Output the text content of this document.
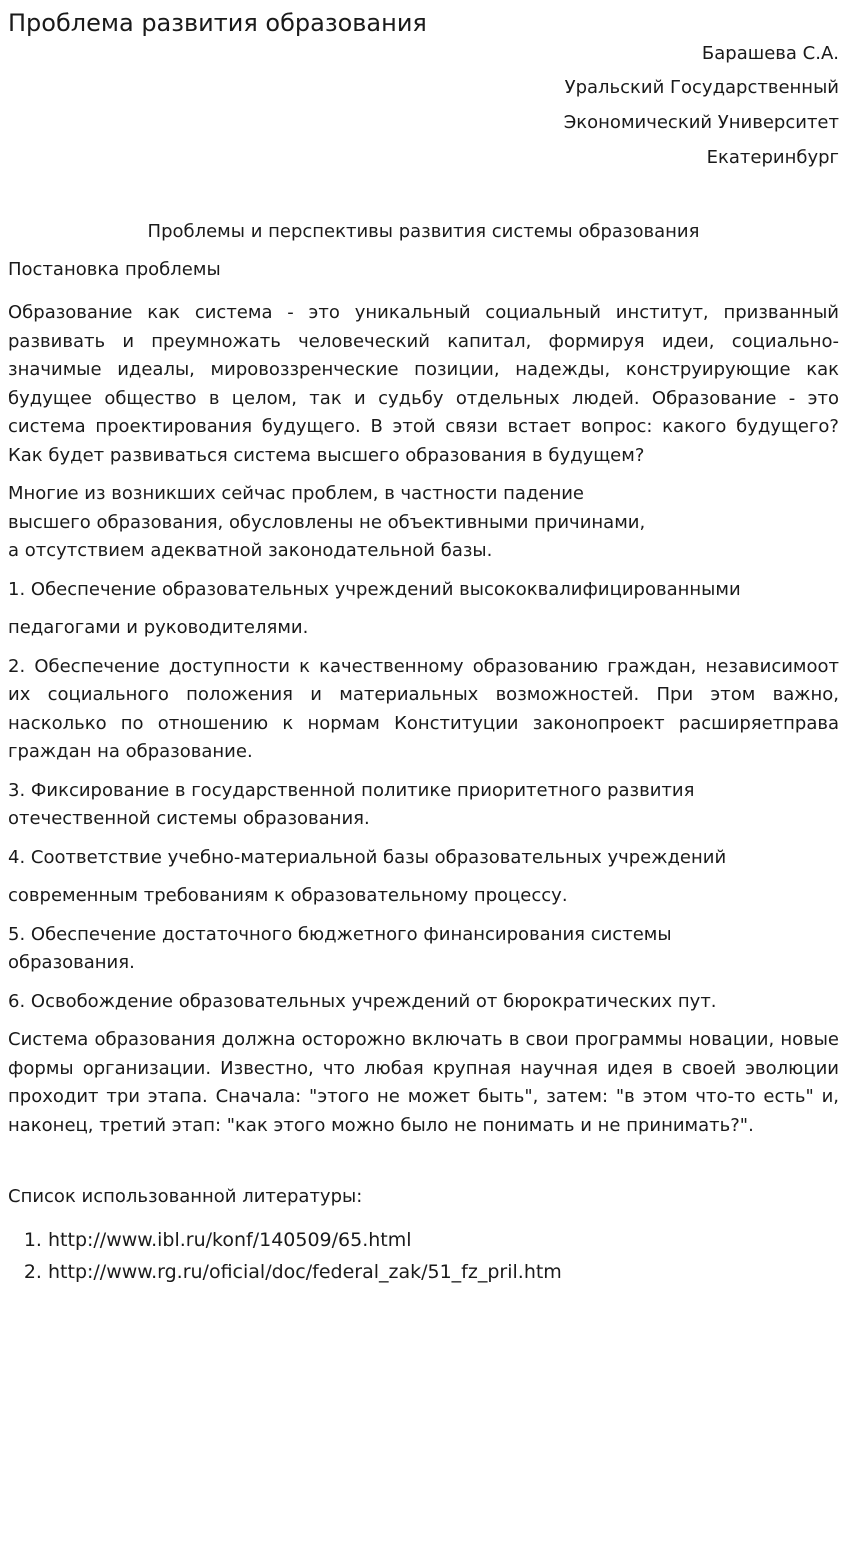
Проблема развития образования

Барашева С.А.

Уральский Государственный

Экономический Университет

Екатеринбург

Проблемы и перспективы развития системы образования

Постановка проблемы

Образование как система - это уникальный социальный институт, призванный развивать и преумножать человеческий капитал, формируя идеи, социально-значимые идеалы, мировоззренческие позиции, надежды, конструирующие как будущее общество в целом, так и судьбу отдельных людей. Образование - это система проектирования будущего. В этой связи встает вопрос: какого будущего? Как будет развиваться система высшего образования в будущем?

Многие из возникших сейчас проблем, в частности падение

высшего образования, обусловлены не объективными причинами,

а отсутствием адекватной законодательной базы.

1. Обеспечение образовательных учреждений высококвалифицированными

педагогами и руководителями.

2. Обеспечение доступности к качественному образованию граждан, независимоот их социального положения и материальных возможностей. При этом важно, насколько по отношению к нормам Конституции законопроект расширяетправа граждан на образование.

3. Фиксирование в государственной политике приоритетного развития

отечественной системы образования.

4. Соответствие учебно-материальной базы образовательных учреждений

современным требованиям к образовательному процессу.

5. Обеспечение достаточного бюджетного финансирования системы

образования.

6. Освобождение образовательных учреждений от бюрократических пут.

Система образования должна осторожно включать в свои программы новации, новые формы организации. Известно, что любая крупная научная идея в своей эволюции проходит три этапа. Сначала: "этого не может быть", затем: "в этом что-то есть" и, наконец, третий этап: "как этого можно было не понимать и не принимать?".

Список использованной литературы:

1. http://www.ibl.ru/konf/140509/65.html
2. http://www.rg.ru/oficial/doc/federal_zak/51_fz_pril.htm
